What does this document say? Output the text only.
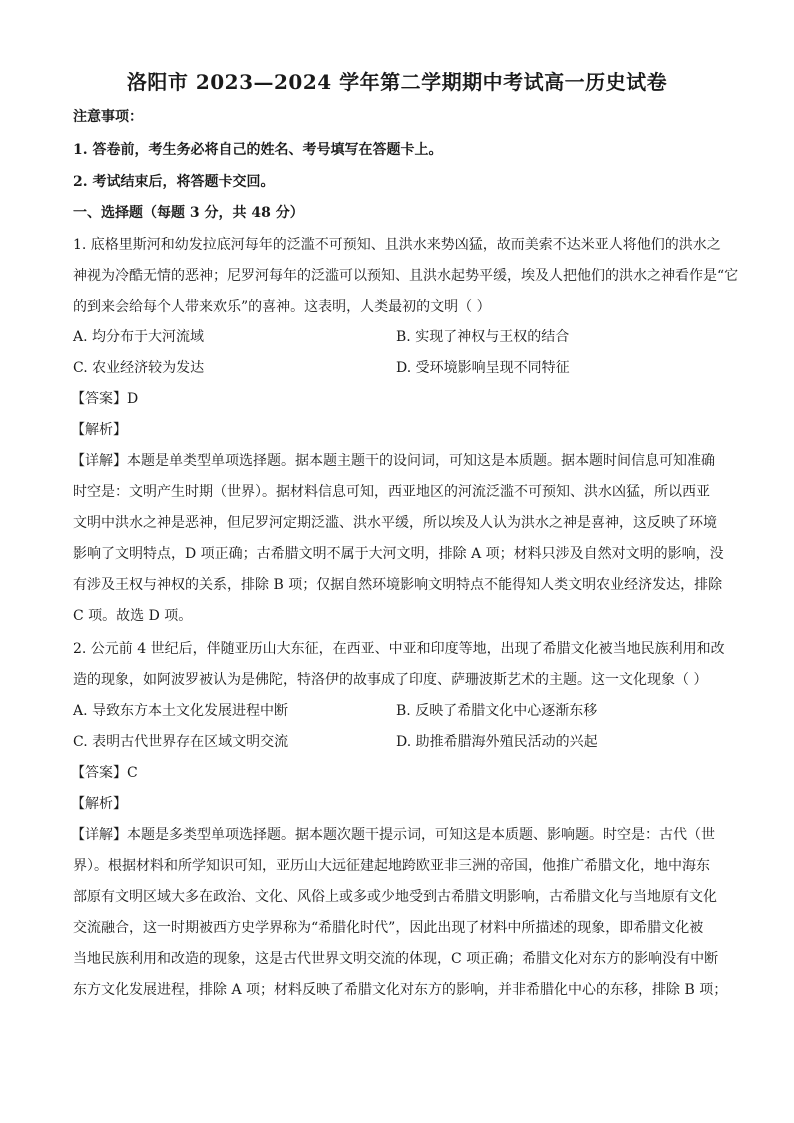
洛阳市 2023—2024 学年第二学期期中考试高一历史试卷
注意事项：
1. 答卷前，考生务必将自己的姓名、考号填写在答题卡上。
2. 考试结束后，将答题卡交回。
一、选择题（每题 3 分，共 48 分）
1. 底格里斯河和幼发拉底河每年的泛滥不可预知、且洪水来势凶猛，故而美索不达米亚人将他们的洪水之
神视为冷酷无情的恶神；尼罗河每年的泛滥可以预知、且洪水起势平缓，埃及人把他们的洪水之神看作是“它
的到来会给每个人带来欢乐”的喜神。这表明，人类最初的文明（ ）
A. 均分布于大河流域	B. 实现了神权与王权的结合
C. 农业经济较为发达	D. 受环境影响呈现不同特征
【答案】D
【解析】
【详解】本题是单类型单项选择题。据本题主题干的设问词，可知这是本质题。据本题时间信息可知准确
时空是：文明产生时期（世界）。据材料信息可知，西亚地区的河流泛滥不可预知、洪水凶猛，所以西亚
文明中洪水之神是恶神，但尼罗河定期泛滥、洪水平缓，所以埃及人认为洪水之神是喜神，这反映了环境
影响了文明特点，D 项正确；古希腊文明不属于大河文明，排除 A 项；材料只涉及自然对文明的影响，没
有涉及王权与神权的关系，排除 B 项；仅据自然环境影响文明特点不能得知人类文明农业经济发达，排除
C 项。故选 D 项。
2. 公元前 4 世纪后，伴随亚历山大东征，在西亚、中亚和印度等地，出现了希腊文化被当地民族利用和改
造的现象，如阿波罗被认为是佛陀，特洛伊的故事成了印度、萨珊波斯艺术的主题。这一文化现象（ ）
A. 导致东方本土文化发展进程中断	B. 反映了希腊文化中心逐渐东移
C. 表明古代世界存在区域文明交流	D. 助推希腊海外殖民活动的兴起
【答案】C
【解析】
【详解】本题是多类型单项选择题。据本题次题干提示词，可知这是本质题、影响题。时空是：古代（世
界）。根据材料和所学知识可知，亚历山大远征建起地跨欧亚非三洲的帝国，他推广希腊文化，地中海东
部原有文明区域大多在政治、文化、风俗上或多或少地受到古希腊文明影响，古希腊文化与当地原有文化
交流融合，这一时期被西方史学界称为“希腊化时代”，因此出现了材料中所描述的现象，即希腊文化被
当地民族利用和改造的现象，这是古代世界文明交流的体现，C 项正确；希腊文化对东方的影响没有中断
东方文化发展进程，排除 A 项；材料反映了希腊文化对东方的影响，并非希腊化中心的东移，排除 B 项；
